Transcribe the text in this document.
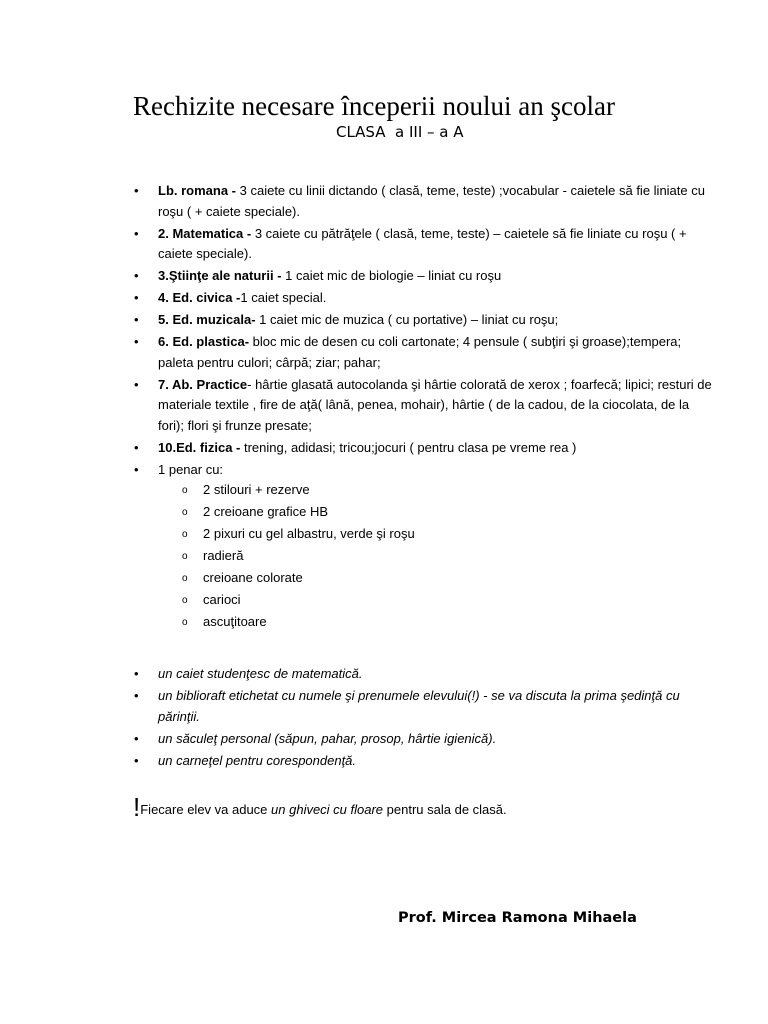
Rechizite necesare începerii noului an şcolar
CLASA  a III – a A
• Lb. romana - 3 caiete cu linii dictando ( clasă, teme, teste) ;vocabular - caietele să fie liniate cu roşu ( + caiete speciale).
• 2. Matematica - 3 caiete cu pătrăţele ( clasă, teme, teste) – caietele să fie liniate cu roşu ( + caiete speciale).
• 3.Ştiinţe ale naturii - 1 caiet mic de biologie – liniat cu roşu
• 4. Ed. civica -1 caiet special.
• 5. Ed. muzicala- 1 caiet mic de muzica ( cu portative) – liniat cu roşu;
• 6. Ed. plastica- bloc mic de desen cu coli cartonate; 4 pensule ( subţiri şi groase);tempera; paleta pentru culori; cârpă; ziar; pahar;
• 7. Ab. Practice- hârtie glasată autocolanda şi hârtie colorată de xerox ; foarfecă; lipici; resturi de materiale textile , fire de aţă( lână, penea, mohair), hârtie ( de la cadou, de la ciocolata, de la fori); flori şi frunze presate;
• 10.Ed. fizica - trening, adidasi; tricou;jocuri ( pentru clasa pe vreme rea )
• 1 penar cu:
o 2 stilouri + rezerve
o 2 creioane grafice HB
o 2 pixuri cu gel albastru, verde şi roşu
o radieră
o creioane colorate
o carioci
o ascuţitoare
• un caiet studenţesc de matematică.
• un biblioraft etichetat cu numele şi prenumele elevului(!) - se va discuta la prima şedinţă cu părinţii.
• un săculeţ personal (săpun, pahar, prosop, hârtie igienică).
• un carneţel pentru corespondenţă.
!Fiecare elev va aduce un ghiveci cu floare pentru sala de clasă.
Prof. Mircea Ramona Mihaela
